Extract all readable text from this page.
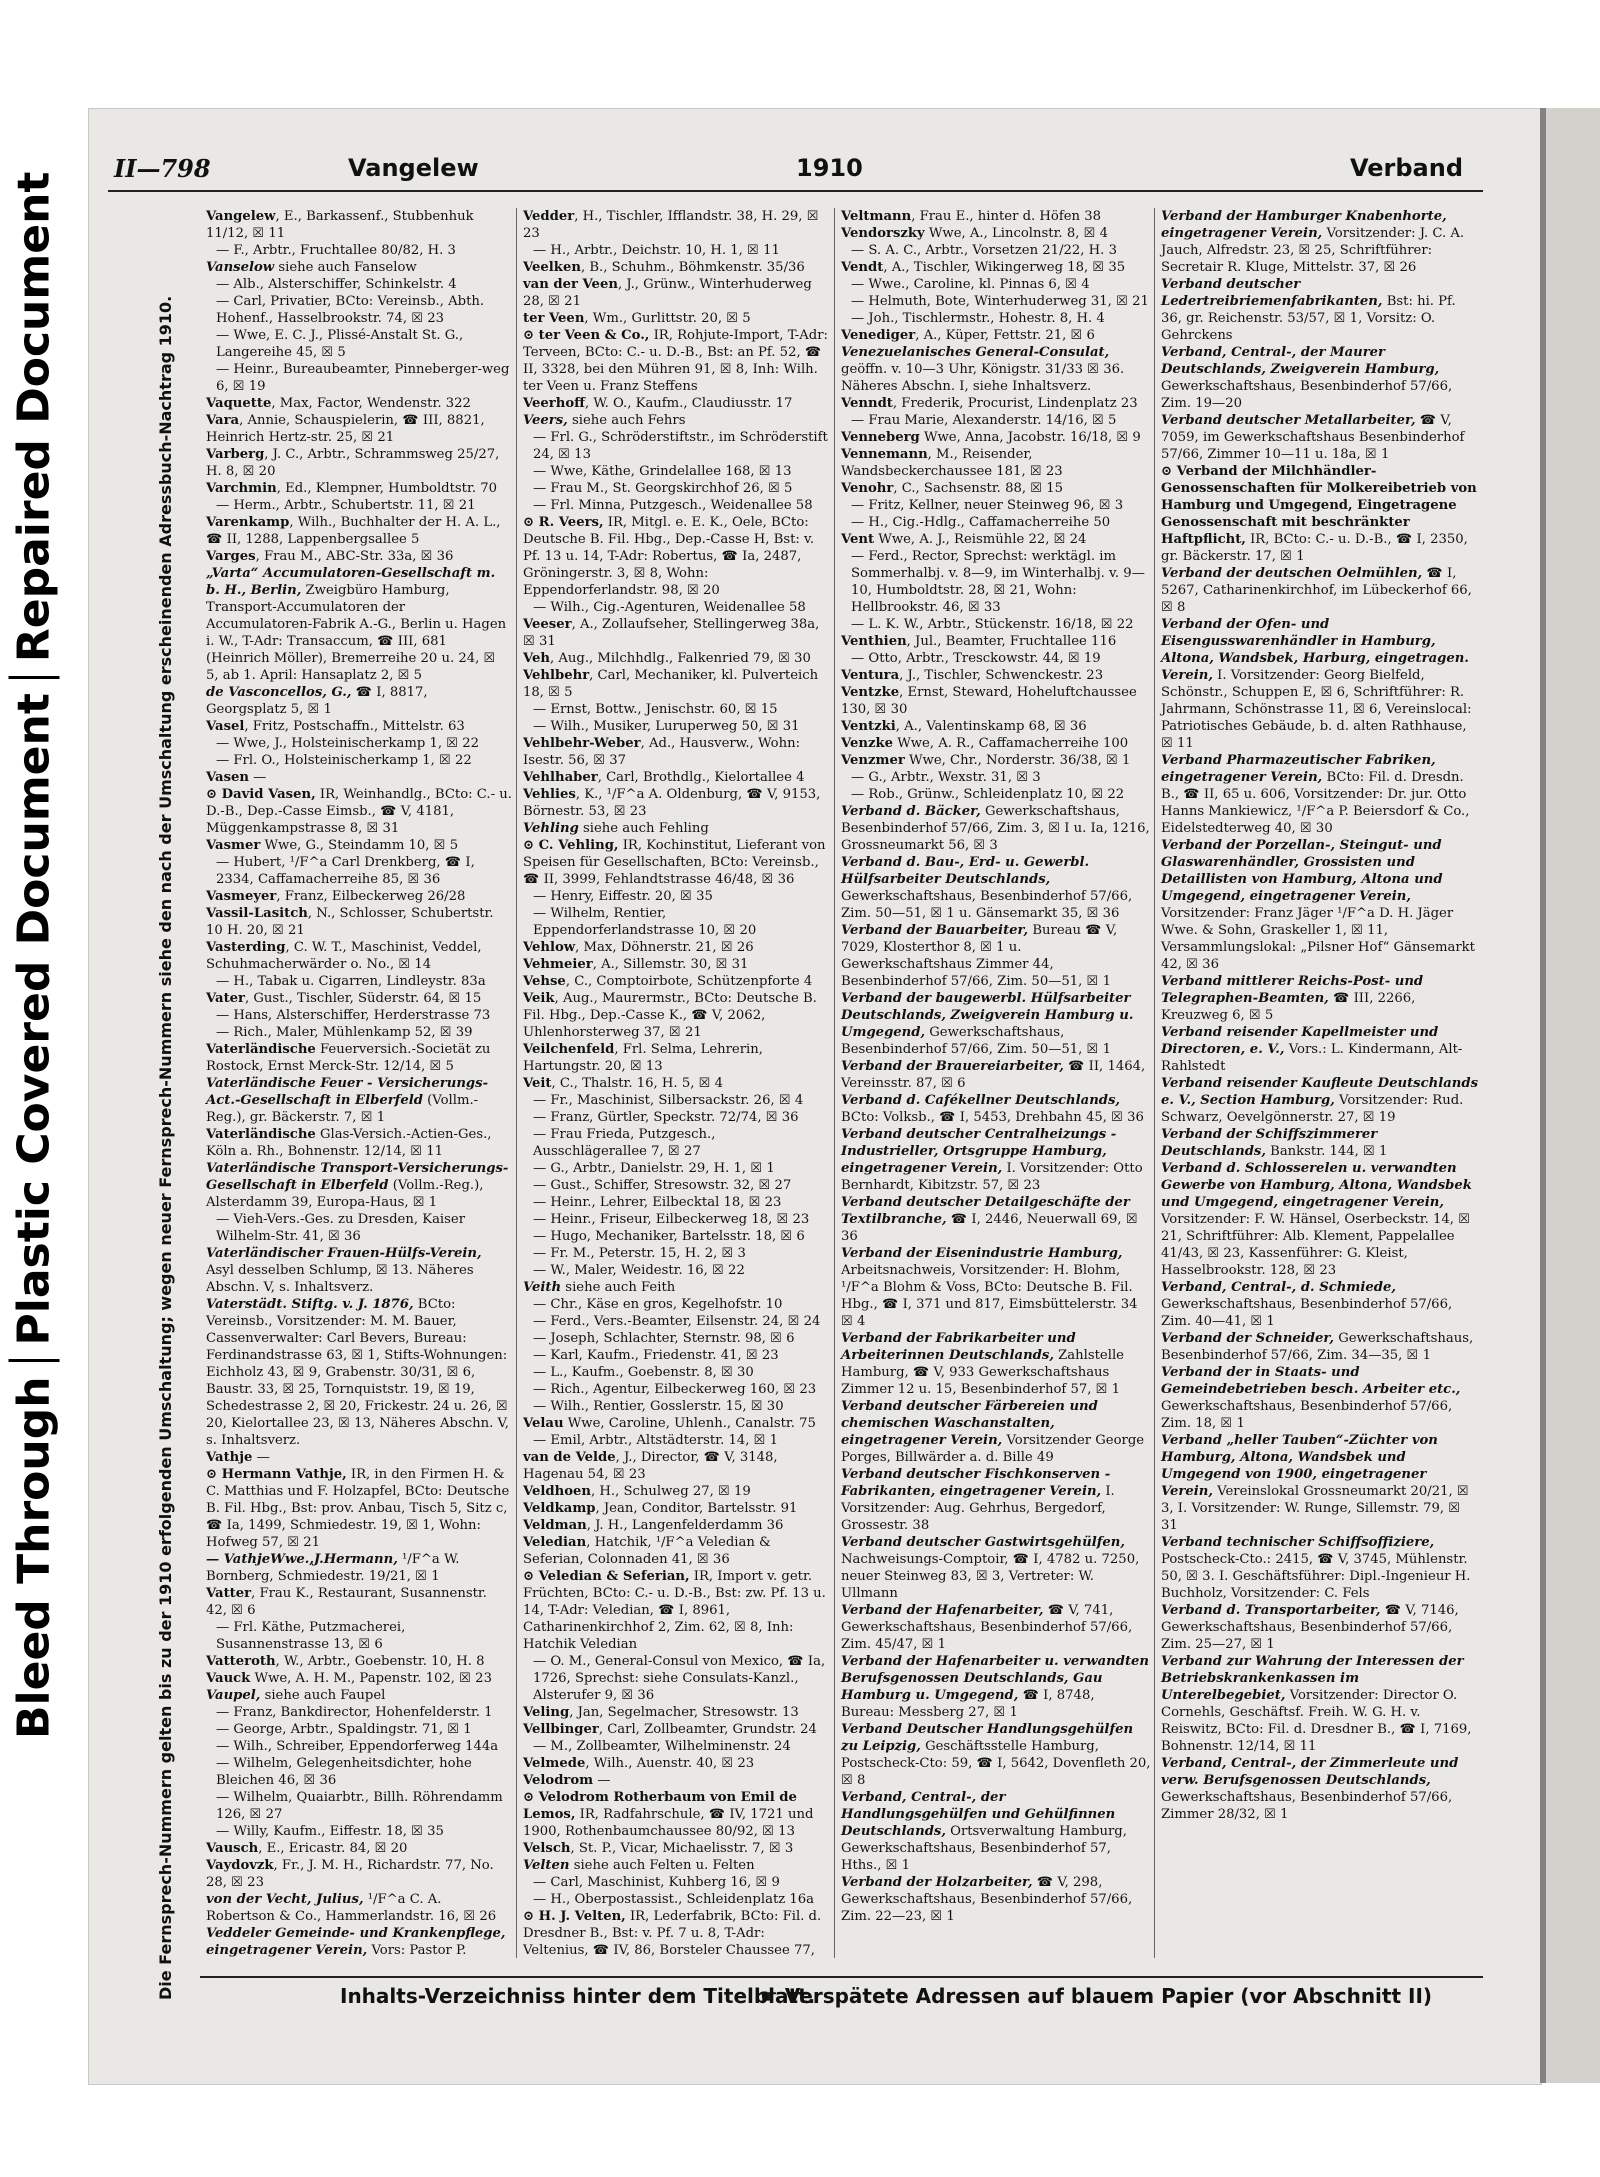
Bleed ThroughPlastic Covered DocumentRepaired Document
II—798	Vangelew	1910	Verband
Die Fernsprech-Nummern gelten bis zu der 1910 erfolgenden Umschaltung; wegen neuer Fernsprech-Nummern siehe den nach der Umschaltung erscheinenden Adressbuch-Nachtrag 1910.

Vangelew, E., Barkassenf., Stubbenhuk 11/12, ☒ 11

— F., Arbtr., Fruchtallee 80/82, H. 3

Vanselow siehe auch Fanselow

— Alb., Alsterschiffer, Schinkelstr. 4

— Carl, Privatier, BCto: Vereinsb., Abth. Hohenf., Hasselbrookstr. 74, ☒ 23

— Wwe, E. C. J., Plissé-Anstalt St. G., Langereihe 45, ☒ 5

— Heinr., Bureaubeamter, Pinneberger-weg 6, ☒ 19

Vaquette, Max, Factor, Wendenstr. 322

Vara, Annie, Schauspielerin, ☎ III, 8821, Heinrich Hertz-str. 25, ☒ 21

Varberg, J. C., Arbtr., Schrammsweg 25/27, H. 8, ☒ 20

Varchmin, Ed., Klempner, Humboldtstr. 70

— Herm., Arbtr., Schubertstr. 11, ☒ 21

Varenkamp, Wilh., Buchhalter der H. A. L., ☎ II, 1288, Lappenbergsallee 5

Varges, Frau M., ABC-Str. 33a, ☒ 36

„Varta“ Accumulatoren-Gesellschaft m. b. H., Berlin, Zweigbüro Hamburg, Transport-Accumulatoren der Accumulatoren-Fabrik A.-G., Berlin u. Hagen i. W., T-Adr: Transaccum, ☎ III, 681 (Heinrich Möller), Bremerreihe 20 u. 24, ☒ 5, ab 1. April: Hansaplatz 2, ☒ 5

de Vasconcellos, G., ☎ I, 8817, Georgsplatz 5, ☒ 1

Vasel, Fritz, Postschaffn., Mittelstr. 63

— Wwe, J., Holsteinischerkamp 1, ☒ 22

— Frl. O., Holsteinischerkamp 1, ☒ 22

Vasen —

⊙ David Vasen, IR, Weinhandlg., BCto: C.- u. D.-B., Dep.-Casse Eimsb., ☎ V, 4181, Müggenkampstrasse 8, ☒ 31

Vasmer Wwe, G., Steindamm 10, ☒ 5

— Hubert, ¹/F^a Carl Drenkberg, ☎ I, 2334, Caffamacherreihe 85, ☒ 36

Vasmeyer, Franz, Eilbeckerweg 26/28

Vassil-Lasitch, N., Schlosser, Schubertstr. 10 H. 20, ☒ 21

Vasterding, C. W. T., Maschinist, Veddel, Schuhmacherwärder o. No., ☒ 14

— H., Tabak u. Cigarren, Lindleystr. 83a

Vater, Gust., Tischler, Süderstr. 64, ☒ 15

— Hans, Alsterschiffer, Herderstrasse 73

— Rich., Maler, Mühlenkamp 52, ☒ 39

Vaterländische Feuerversich.-Societät zu Rostock, Ernst Merck-Str. 12/14, ☒ 5

Vaterländische Feuer - Versicherungs-Act.-Gesellschaft in Elberfeld (Vollm.-Reg.), gr. Bäckerstr. 7, ☒ 1

Vaterländische Glas-Versich.-Actien-Ges., Köln a. Rh., Bohnenstr. 12/14, ☒ 11

Vaterländische Transport-Versicherungs-Gesellschaft in Elberfeld (Vollm.-Reg.), Alsterdamm 39, Europa-Haus, ☒ 1

— Vieh-Vers.-Ges. zu Dresden, Kaiser Wilhelm-Str. 41, ☒ 36

Vaterländischer Frauen-Hülfs-Verein, Asyl desselben Schlump, ☒ 13. Näheres Abschn. V, s. Inhaltsverz.

Vaterstädt. Stiftg. v. J. 1876, BCto: Vereinsb., Vorsitzender: M. M. Bauer, Cassenverwalter: Carl Bevers, Bureau: Ferdinandstrasse 63, ☒ 1, Stifts-Wohnungen: Eichholz 43, ☒ 9, Grabenstr. 30/31, ☒ 6, Baustr. 33, ☒ 25, Tornquiststr. 19, ☒ 19, Schedestrasse 2, ☒ 20, Frickestr. 24 u. 26, ☒ 20, Kielortallee 23, ☒ 13, Näheres Abschn. V, s. Inhaltsverz.

Vathje —

⊙ Hermann Vathje, IR, in den Firmen H. & C. Matthias und F. Holzapfel, BCto: Deutsche B. Fil. Hbg., Bst: prov. Anbau, Tisch 5, Sitz c, ☎ Ia, 1499, Schmiedestr. 19, ☒ 1, Wohn: Hofweg 57, ☒ 21

— VathjeWwe.,J.Hermann, ¹/F^a W. Bornberg, Schmiedestr. 19/21, ☒ 1

Vatter, Frau K., Restaurant, Susannenstr. 42, ☒ 6

— Frl. Käthe, Putzmacherei, Susannenstrasse 13, ☒ 6

Vatteroth, W., Arbtr., Goebenstr. 10, H. 8

Vauck Wwe, A. H. M., Papenstr. 102, ☒ 23

Vaupel, siehe auch Faupel

— Franz, Bankdirector, Hohenfelderstr. 1

— George, Arbtr., Spaldingstr. 71, ☒ 1

— Wilh., Schreiber, Eppendorferweg 144a

— Wilhelm, Gelegenheitsdichter, hohe Bleichen 46, ☒ 36

— Wilhelm, Quaiarbtr., Billh. Röhrendamm 126, ☒ 27

— Willy, Kaufm., Eiffestr. 18, ☒ 35

Vausch, E., Ericastr. 84, ☒ 20

Vaydovzk, Fr., J. M. H., Richardstr. 77, No. 28, ☒ 23

von der Vecht, Julius, ¹/F^a C. A. Robertson & Co., Hammerlandstr. 16, ☒ 26

Veddeler Gemeinde- und Krankenpflege, eingetragener Verein, Vors: Pastor P.

Vedder, H., Tischler, Ifflandstr. 38, H. 29, ☒ 23

— H., Arbtr., Deichstr. 10, H. 1, ☒ 11

Veelken, B., Schuhm., Böhmkenstr. 35/36

van der Veen, J., Grünw., Winterhuderweg 28, ☒ 21

ter Veen, Wm., Gurlittstr. 20, ☒ 5

⊙ ter Veen & Co., IR, Rohjute-Import, T-Adr: Terveen, BCto: C.- u. D.-B., Bst: an Pf. 52, ☎ II, 3328, bei den Mühren 91, ☒ 8, Inh: Wilh. ter Veen u. Franz Steffens

Veerhoff, W. O., Kaufm., Claudiusstr. 17

Veers, siehe auch Fehrs

— Frl. G., Schröderstiftstr., im Schröderstift 24, ☒ 13

— Wwe, Käthe, Grindelallee 168, ☒ 13

— Frau M., St. Georgskirchhof 26, ☒ 5

— Frl. Minna, Putzgesch., Weidenallee 58

⊙ R. Veers, IR, Mitgl. e. E. K., Oele, BCto: Deutsche B. Fil. Hbg., Dep.-Casse H, Bst: v. Pf. 13 u. 14, T-Adr: Robertus, ☎ Ia, 2487, Gröningerstr. 3, ☒ 8, Wohn: Eppendorferlandstr. 98, ☒ 20

— Wilh., Cig.-Agenturen, Weidenallee 58

Veeser, A., Zollaufseher, Stellingerweg 38a, ☒ 31

Veh, Aug., Milchhdlg., Falkenried 79, ☒ 30

Vehlbehr, Carl, Mechaniker, kl. Pulverteich 18, ☒ 5

— Ernst, Bottw., Jenischstr. 60, ☒ 15

— Wilh., Musiker, Luruperweg 50, ☒ 31

Vehlbehr-Weber, Ad., Hausverw., Wohn: Isestr. 56, ☒ 37

Vehlhaber, Carl, Brothdlg., Kielortallee 4

Vehlies, K., ¹/F^a A. Oldenburg, ☎ V, 9153, Börnestr. 53, ☒ 23

Vehling siehe auch Fehling

⊙ C. Vehling, IR, Kochinstitut, Lieferant von Speisen für Gesellschaften, BCto: Vereinsb., ☎ II, 3999, Fehlandtstrasse 46/48, ☒ 36

— Henry, Eiffestr. 20, ☒ 35

— Wilhelm, Rentier, Eppendorferlandstrasse 10, ☒ 20

Vehlow, Max, Döhnerstr. 21, ☒ 26

Vehmeier, A., Sillemstr. 30, ☒ 31

Vehse, C., Comptoirbote, Schützenpforte 4

Veik, Aug., Maurermstr., BCto: Deutsche B. Fil. Hbg., Dep.-Casse K., ☎ V, 2062, Uhlenhorsterweg 37, ☒ 21

Veilchenfeld, Frl. Selma, Lehrerin, Hartungstr. 20, ☒ 13

Veit, C., Thalstr. 16, H. 5, ☒ 4

— Fr., Maschinist, Silbersackstr. 26, ☒ 4

— Franz, Gürtler, Speckstr. 72/74, ☒ 36

— Frau Frieda, Putzgesch., Ausschlägerallee 7, ☒ 27

— G., Arbtr., Danielstr. 29, H. 1, ☒ 1

— Gust., Schiffer, Stresowstr. 32, ☒ 27

— Heinr., Lehrer, Eilbecktal 18, ☒ 23

— Heinr., Friseur, Eilbeckerweg 18, ☒ 23

— Hugo, Mechaniker, Bartelsstr. 18, ☒ 6

— Fr. M., Peterstr. 15, H. 2, ☒ 3

— W., Maler, Weidestr. 16, ☒ 22

Veith siehe auch Feith

— Chr., Käse en gros, Kegelhofstr. 10

— Ferd., Vers.-Beamter, Eilsenstr. 24, ☒ 24

— Joseph, Schlachter, Sternstr. 98, ☒ 6

— Karl, Kaufm., Friedenstr. 41, ☒ 23

— L., Kaufm., Goebenstr. 8, ☒ 30

— Rich., Agentur, Eilbeckerweg 160, ☒ 23

— Wilh., Rentier, Gosslerstr. 15, ☒ 30

Velau Wwe, Caroline, Uhlenh., Canalstr. 75

— Emil, Arbtr., Altstädterstr. 14, ☒ 1

van de Velde, J., Director, ☎ V, 3148, Hagenau 54, ☒ 23

Veldhoen, H., Schulweg 27, ☒ 19

Veldkamp, Jean, Conditor, Bartelsstr. 91

Veldman, J. H., Langenfelderdamm 36

Veledian, Hatchik, ¹/F^a Veledian & Seferian, Colonnaden 41, ☒ 36

⊙ Veledian & Seferian, IR, Import v. getr. Früchten, BCto: C.- u. D.-B., Bst: zw. Pf. 13 u. 14, T-Adr: Veledian, ☎ I, 8961, Catharinenkirchhof 2, Zim. 62, ☒ 8, Inh: Hatchik Veledian

— O. M., General-Consul von Mexico, ☎ Ia, 1726, Sprechst: siehe Consulats-Kanzl., Alsterufer 9, ☒ 36

Veling, Jan, Segelmacher, Stresowstr. 13

Vellbinger, Carl, Zollbeamter, Grundstr. 24

— M., Zollbeamter, Wilhelminenstr. 24

Velmede, Wilh., Auenstr. 40, ☒ 23

Velodrom —

⊙ Velodrom Rotherbaum von Emil de Lemos, IR, Radfahrschule, ☎ IV, 1721 und 1900, Rothenbaumchaussee 80/92, ☒ 13

Velsch, St. P., Vicar, Michaelisstr. 7, ☒ 3

Velten siehe auch Felten u. Felten

— Carl, Maschinist, Kuhberg 16, ☒ 9

— H., Oberpostassist., Schleidenplatz 16a

⊙ H. J. Velten, IR, Lederfabrik, BCto: Fil. d. Dresdner B., Bst: v. Pf. 7 u. 8, T-Adr: Veltenius, ☎ IV, 86, Borsteler Chaussee 77,

Veltmann, Frau E., hinter d. Höfen 38

Vendorszky Wwe, A., Lincolnstr. 8, ☒ 4

— S. A. C., Arbtr., Vorsetzen 21/22, H. 3

Vendt, A., Tischler, Wikingerweg 18, ☒ 35

— Wwe., Caroline, kl. Pinnas 6, ☒ 4

— Helmuth, Bote, Winterhuderweg 31, ☒ 21

— Joh., Tischlermstr., Hohestr. 8, H. 4

Venediger, A., Küper, Fettstr. 21, ☒ 6

Venezuelanisches General-Consulat, geöffn. v. 10—3 Uhr, Königstr. 31/33 ☒ 36. Näheres Abschn. I, siehe Inhaltsverz.

Venndt, Frederik, Procurist, Lindenplatz 23

— Frau Marie, Alexanderstr. 14/16, ☒ 5

Venneberg Wwe, Anna, Jacobstr. 16/18, ☒ 9

Vennemann, M., Reisender, Wandsbeckerchaussee 181, ☒ 23

Venohr, C., Sachsenstr. 88, ☒ 15

— Fritz, Kellner, neuer Steinweg 96, ☒ 3

— H., Cig.-Hdlg., Caffamacherreihe 50

Vent Wwe, A. J., Reismühle 22, ☒ 24

— Ferd., Rector, Sprechst: werktägl. im Sommerhalbj. v. 8—9, im Winterhalbj. v. 9—10, Humboldtstr. 28, ☒ 21, Wohn: Hellbrookstr. 46, ☒ 33

— L. K. W., Arbtr., Stückenstr. 16/18, ☒ 22

Venthien, Jul., Beamter, Fruchtallee 116

— Otto, Arbtr., Tresckowstr. 44, ☒ 19

Ventura, J., Tischler, Schwenckestr. 23

Ventzke, Ernst, Steward, Hoheluftchaussee 130, ☒ 30

Ventzki, A., Valentinskamp 68, ☒ 36

Venzke Wwe, A. R., Caffamacherreihe 100

Venzmer Wwe, Chr., Norderstr. 36/38, ☒ 1

— G., Arbtr., Wexstr. 31, ☒ 3

— Rob., Grünw., Schleidenplatz 10, ☒ 22

Verband d. Bäcker, Gewerkschaftshaus, Besenbinderhof 57/66, Zim. 3, ☒ I u. Ia, 1216, Grossneumarkt 56, ☒ 3

Verband d. Bau-, Erd- u. Gewerbl. Hülfsarbeiter Deutschlands, Gewerkschaftshaus, Besenbinderhof 57/66, Zim. 50—51, ☒ 1 u. Gänsemarkt 35, ☒ 36

Verband der Bauarbeiter, Bureau ☎ V, 7029, Klosterthor 8, ☒ 1 u. Gewerkschaftshaus Zimmer 44, Besenbinderhof 57/66, Zim. 50—51, ☒ 1

Verband der baugewerbl. Hülfsarbeiter Deutschlands, Zweigverein Hamburg u. Umgegend, Gewerkschaftshaus, Besenbinderhof 57/66, Zim. 50—51, ☒ 1

Verband der Brauereiarbeiter, ☎ II, 1464, Vereinsstr. 87, ☒ 6

Verband d. Cafékellner Deutschlands, BCto: Volksb., ☎ I, 5453, Drehbahn 45, ☒ 36

Verband deutscher Centralheizungs - Industrieller, Ortsgruppe Hamburg, eingetragener Verein, I. Vorsitzender: Otto Bernhardt, Kibitzstr. 57, ☒ 23

Verband deutscher Detailgeschäfte der Textilbranche, ☎ I, 2446, Neuerwall 69, ☒ 36

Verband der Eisenindustrie Hamburg, Arbeitsnachweis, Vorsitzender: H. Blohm, ¹/F^a Blohm & Voss, BCto: Deutsche B. Fil. Hbg., ☎ I, 371 und 817, Eimsbüttelerstr. 34 ☒ 4

Verband der Fabrikarbeiter und Arbeiterinnen Deutschlands, Zahlstelle Hamburg, ☎ V, 933 Gewerkschaftshaus Zimmer 12 u. 15, Besenbinderhof 57, ☒ 1

Verband deutscher Färbereien und chemischen Waschanstalten, eingetragener Verein, Vorsitzender George Porges, Billwärder a. d. Bille 49

Verband deutscher Fischkonserven - Fabrikanten, eingetragener Verein, I. Vorsitzender: Aug. Gehrhus, Bergedorf, Grossestr. 38

Verband deutscher Gastwirtsgehülfen, Nachweisungs-Comptoir, ☎ I, 4782 u. 7250, neuer Steinweg 83, ☒ 3, Vertreter: W. Ullmann

Verband der Hafenarbeiter, ☎ V, 741, Gewerkschaftshaus, Besenbinderhof 57/66, Zim. 45/47, ☒ 1

Verband der Hafenarbeiter u. verwandten Berufsgenossen Deutschlands, Gau Hamburg u. Umgegend, ☎ I, 8748, Bureau: Messberg 27, ☒ 1

Verband Deutscher Handlungsgehülfen zu Leipzig, Geschäftsstelle Hamburg, Postscheck-Cto: 59, ☎ I, 5642, Dovenfleth 20, ☒ 8

Verband, Central-, der Handlungsgehülfen und Gehülfinnen Deutschlands, Ortsverwaltung Hamburg, Gewerkschaftshaus, Besenbinderhof 57, Hths., ☒ 1

Verband der Holzarbeiter, ☎ V, 298, Gewerkschaftshaus, Besenbinderhof 57/66, Zim. 22—23, ☒ 1

Verband der Hamburger Knabenhorte, eingetragener Verein, Vorsitzender: J. C. A. Jauch, Alfredstr. 23, ☒ 25, Schriftführer: Secretair R. Kluge, Mittelstr. 37, ☒ 26

Verband deutscher Ledertreibriemenfabrikanten, Bst: hi. Pf. 36, gr. Reichenstr. 53/57, ☒ 1, Vorsitz: O. Gehrckens

Verband, Central-, der Maurer Deutschlands, Zweigverein Hamburg, Gewerkschaftshaus, Besenbinderhof 57/66, Zim. 19—20

Verband deutscher Metallarbeiter, ☎ V, 7059, im Gewerkschaftshaus Besenbinderhof 57/66, Zimmer 10—11 u. 18a, ☒ 1

⊙ Verband der Milchhändler-Genossenschaften für Molkereibetrieb von Hamburg und Umgegend, Eingetragene Genossenschaft mit beschränkter Haftpflicht, IR, BCto: C.- u. D.-B., ☎ I, 2350, gr. Bäckerstr. 17, ☒ 1

Verband der deutschen Oelmühlen, ☎ I, 5267, Catharinenkirchhof, im Lübeckerhof 66, ☒ 8

Verband der Ofen- und Eisengusswarenhändler in Hamburg, Altona, Wandsbek, Harburg, eingetragen. Verein, I. Vorsitzender: Georg Bielfeld, Schönstr., Schuppen E, ☒ 6, Schriftführer: R. Jahrmann, Schönstrasse 11, ☒ 6, Vereinslocal: Patriotisches Gebäude, b. d. alten Rathhause, ☒ 11

Verband Pharmazeutischer Fabriken, eingetragener Verein, BCto: Fil. d. Dresdn. B., ☎ II, 65 u. 606, Vorsitzender: Dr. jur. Otto Hanns Mankiewicz, ¹/F^a P. Beiersdorf & Co., Eidelstedterweg 40, ☒ 30

Verband der Porzellan-, Steingut- und Glaswarenhändler, Grossisten und Detaillisten von Hamburg, Altona und Umgegend, eingetragener Verein, Vorsitzender: Franz Jäger ¹/F^a D. H. Jäger Wwe. & Sohn, Graskeller 1, ☒ 11, Versammlungslokal: „Pilsner Hof“ Gänsemarkt 42, ☒ 36

Verband mittlerer Reichs-Post- und Telegraphen-Beamten, ☎ III, 2266, Kreuzweg 6, ☒ 5

Verband reisender Kapellmeister und Directoren, e. V., Vors.: L. Kindermann, Alt-Rahlstedt

Verband reisender Kaufleute Deutschlands e. V., Section Hamburg, Vorsitzender: Rud. Schwarz, Oevelgönnerstr. 27, ☒ 19

Verband der Schiffszimmerer Deutschlands, Bankstr. 144, ☒ 1

Verband d. Schlosserelen u. verwandten Gewerbe von Hamburg, Altona, Wandsbek und Umgegend, eingetragener Verein, Vorsitzender: F. W. Hänsel, Oserbeckstr. 14, ☒ 21, Schriftführer: Alb. Klement, Pappelallee 41/43, ☒ 23, Kassenführer: G. Kleist, Hasselbrookstr. 128, ☒ 23

Verband, Central-, d. Schmiede, Gewerkschaftshaus, Besenbinderhof 57/66, Zim. 40—41, ☒ 1

Verband der Schneider, Gewerkschaftshaus, Besenbinderhof 57/66, Zim. 34—35, ☒ 1

Verband der in Staats- und Gemeindebetrieben besch. Arbeiter etc., Gewerkschaftshaus, Besenbinderhof 57/66, Zim. 18, ☒ 1

Verband „heller Tauben“-Züchter von Hamburg, Altona, Wandsbek und Umgegend von 1900, eingetragener Verein, Vereinslokal Grossneumarkt 20/21, ☒ 3, I. Vorsitzender: W. Runge, Sillemstr. 79, ☒ 31

Verband technischer Schiffsoffiziere, Postscheck-Cto.: 2415, ☎ V, 3745, Mühlenstr. 50, ☒ 3. I. Geschäftsführer: Dipl.-Ingenieur H. Buchholz, Vorsitzender: C. Fels

Verband d. Transportarbeiter, ☎ V, 7146, Gewerkschaftshaus, Besenbinderhof 57/66, Zim. 25—27, ☒ 1

Verband zur Wahrung der Interessen der Betriebskrankenkassen im Unterelbegebiet, Vorsitzender: Director O. Cornehls, Geschäftsf. Freih. W. G. H. v. Reiswitz, BCto: Fil. d. Dresdner B., ☎ I, 7169, Bohnenstr. 12/14, ☒ 11

Verband, Central-, der Zimmerleute und verw. Berufsgenossen Deutschlands, Gewerkschaftshaus, Besenbinderhof 57/66, Zimmer 28/32, ☒ 1

Inhalts-Verzeichniss hinter dem Titelblatt.
☛ Verspätete Adressen auf blauem Papier (vor Abschnitt II)
